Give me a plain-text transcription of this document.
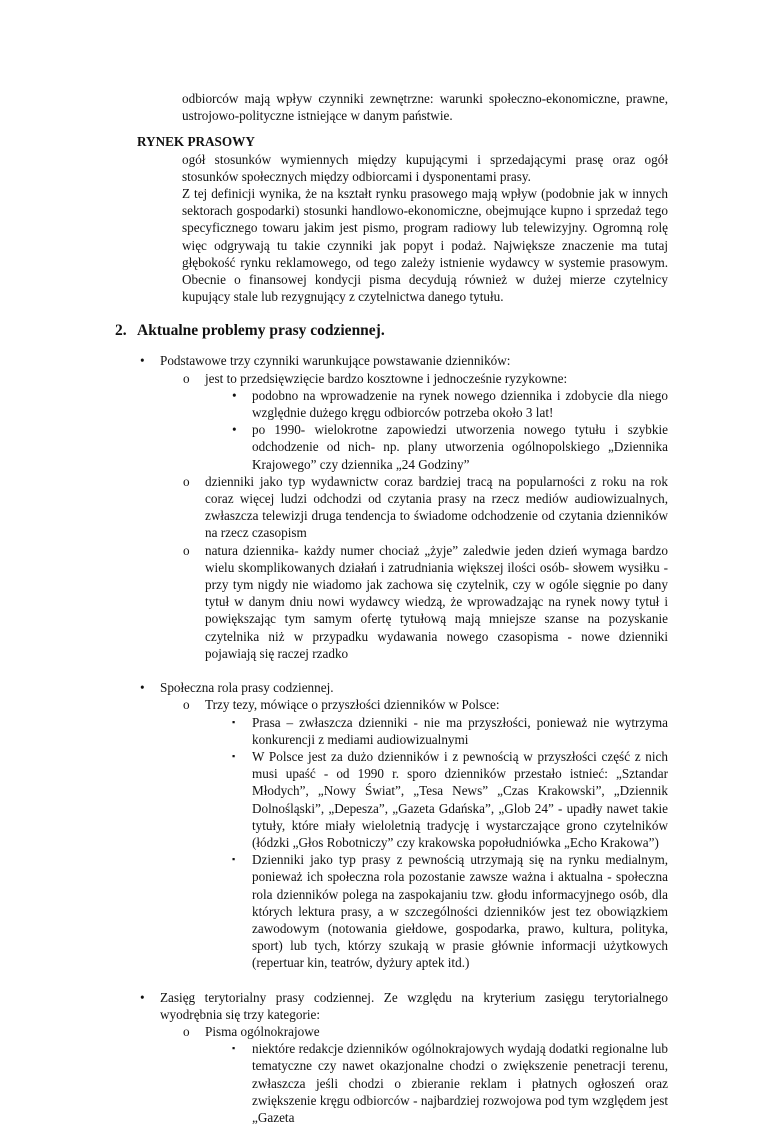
odbiorców mają wpływ czynniki zewnętrzne: warunki społeczno-ekonomiczne, prawne, ustrojowo-polityczne istniejące w danym państwie.

RYNEK PRASOWY

ogół stosunków wymiennych między kupującymi i sprzedającymi prasę oraz ogół stosunków społecznych między odbiorcami i dysponentami prasy.
Z tej definicji wynika, że na kształt rynku prasowego mają wpływ (podobnie jak w innych sektorach gospodarki) stosunki handlowo-ekonomiczne, obejmujące kupno i sprzedaż tego specyficznego towaru jakim jest pismo, program radiowy lub telewizyjny. Ogromną rolę więc odgrywają tu takie czynniki jak popyt i podaż. Największe znaczenie ma tutaj głębokość rynku reklamowego, od tego zależy istnienie wydawcy w systemie prasowym. Obecnie o finansowej kondycji pisma decydują również w dużej mierze czytelnicy kupujący stale lub rezygnujący z czytelnictwa danego tytułu.

2. Aktualne problemy prasy codziennej.
• Podstawowe trzy czynniki warunkujące powstawanie dzienników:

o jest to przedsięwzięcie bardzo kosztowne i jednocześnie ryzykowne:

• podobno na wprowadzenie na rynek nowego dziennika i zdobycie dla niego względnie dużego kręgu odbiorców potrzeba około 3 lat!

• po 1990- wielokrotne zapowiedzi utworzenia nowego tytułu i szybkie odchodzenie od nich- np. plany utworzenia ogólnopolskiego „Dziennika Krajowego” czy dziennika „24 Godziny”

o dzienniki jako typ wydawnictw coraz bardziej tracą na popularności z roku na rok coraz więcej ludzi odchodzi od czytania prasy na rzecz mediów audiowizualnych, zwłaszcza telewizji druga tendencja to świadome odchodzenie od czytania dzienników na rzecz czasopism

o natura dziennika- każdy numer chociaż „żyje” zaledwie jeden dzień wymaga bardzo wielu skomplikowanych działań i zatrudniania większej ilości osób- słowem wysiłku - przy tym nigdy nie wiadomo jak zachowa się czytelnik, czy w ogóle sięgnie po dany tytuł w danym dniu nowi wydawcy wiedzą, że wprowadzając na rynek nowy tytuł i powiększając tym samym ofertę tytułową mają mniejsze szanse na pozyskanie czytelnika niż w przypadku wydawania nowego czasopisma - nowe dzienniki pojawiają się raczej rzadko

• Społeczna rola prasy codziennej.

o Trzy tezy, mówiące o przyszłości dzienników w Polsce:

▪ Prasa – zwłaszcza dzienniki - nie ma przyszłości, ponieważ nie wytrzyma konkurencji z mediami audiowizualnymi

▪ W Polsce jest za dużo dzienników i z pewnością w przyszłości część z nich musi upaść - od 1990 r. sporo dzienników przestało istnieć: „Sztandar Młodych”, „Nowy Świat”, „Tesa News” „Czas Krakowski”, „Dziennik Dolnośląski”, „Depesza”, „Gazeta Gdańska”, „Glob 24” - upadły nawet takie tytuły, które miały wieloletnią tradycję i wystarczające grono czytelników (łódzki „Głos Robotniczy” czy krakowska popołudniówka „Echo Krakowa”)

▪ Dzienniki jako typ prasy z pewnością utrzymają się na rynku medialnym, ponieważ ich społeczna rola pozostanie zawsze ważna i aktualna - społeczna rola dzienników polega na zaspokajaniu tzw. głodu informacyjnego osób, dla których lektura prasy, a w szczególności dzienników jest tez obowiązkiem zawodowym (notowania giełdowe, gospodarka, prawo, kultura, polityka, sport) lub tych, którzy szukają w prasie głównie informacji użytkowych (repertuar kin, teatrów, dyżury aptek itd.)

• Zasięg terytorialny prasy codziennej. Ze względu na kryterium zasięgu terytorialnego wyodrębnia się trzy kategorie:

o Pisma ogólnokrajowe

▪ niektóre redakcje dzienników ogólnokrajowych wydają dodatki regionalne lub tematyczne czy nawet okazjonalne chodzi o zwiększenie penetracji terenu, zwłaszcza jeśli chodzi o zbieranie reklam i płatnych ogłoszeń oraz zwiększenie kręgu odbiorców - najbardziej rozwojowa pod tym względem jest „Gazeta
